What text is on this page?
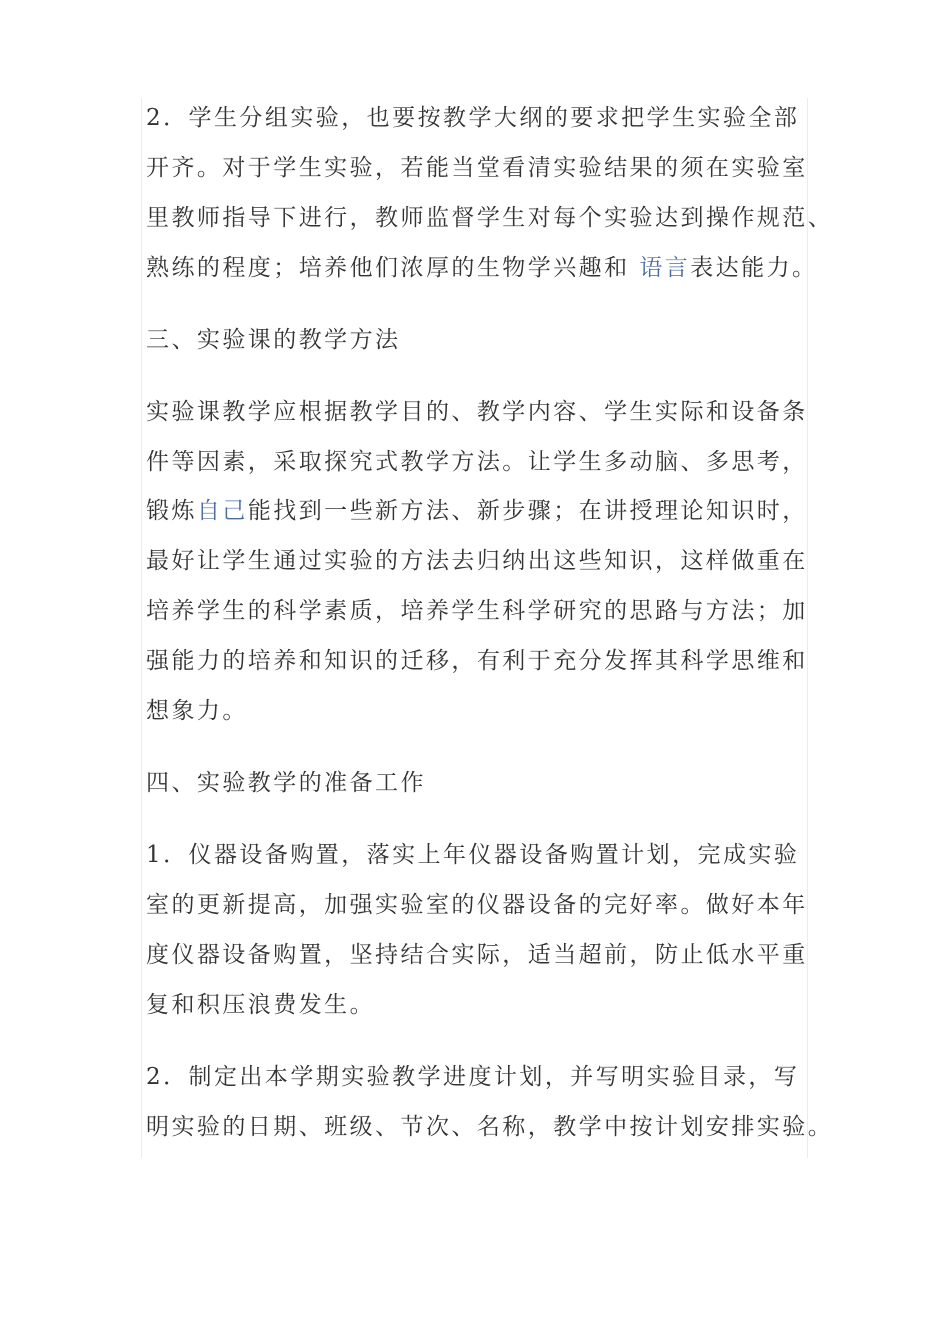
2．学生分组实验，也要按教学大纲的要求把学生实验全部
开齐。对于学生实验，若能当堂看清实验结果的须在实验室
里教师指导下进行，教师监督学生对每个实验达到操作规范、
熟练的程度；培养他们浓厚的生物学兴趣和 语言表达能力。
三、实验课的教学方法
实验课教学应根据教学目的、教学内容、学生实际和设备条
件等因素，采取探究式教学方法。让学生多动脑、多思考，
锻炼自己能找到一些新方法、新步骤；在讲授理论知识时，
最好让学生通过实验的方法去归纳出这些知识，这样做重在
培养学生的科学素质，培养学生科学研究的思路与方法；加
强能力的培养和知识的迁移，有利于充分发挥其科学思维和
想象力。
四、实验教学的准备工作
1．仪器设备购置，落实上年仪器设备购置计划，完成实验
室的更新提高，加强实验室的仪器设备的完好率。做好本年
度仪器设备购置，坚持结合实际，适当超前，防止低水平重
复和积压浪费发生。
2．制定出本学期实验教学进度计划，并写明实验目录，写
明实验的日期、班级、节次、名称，教学中按计划安排实验。
